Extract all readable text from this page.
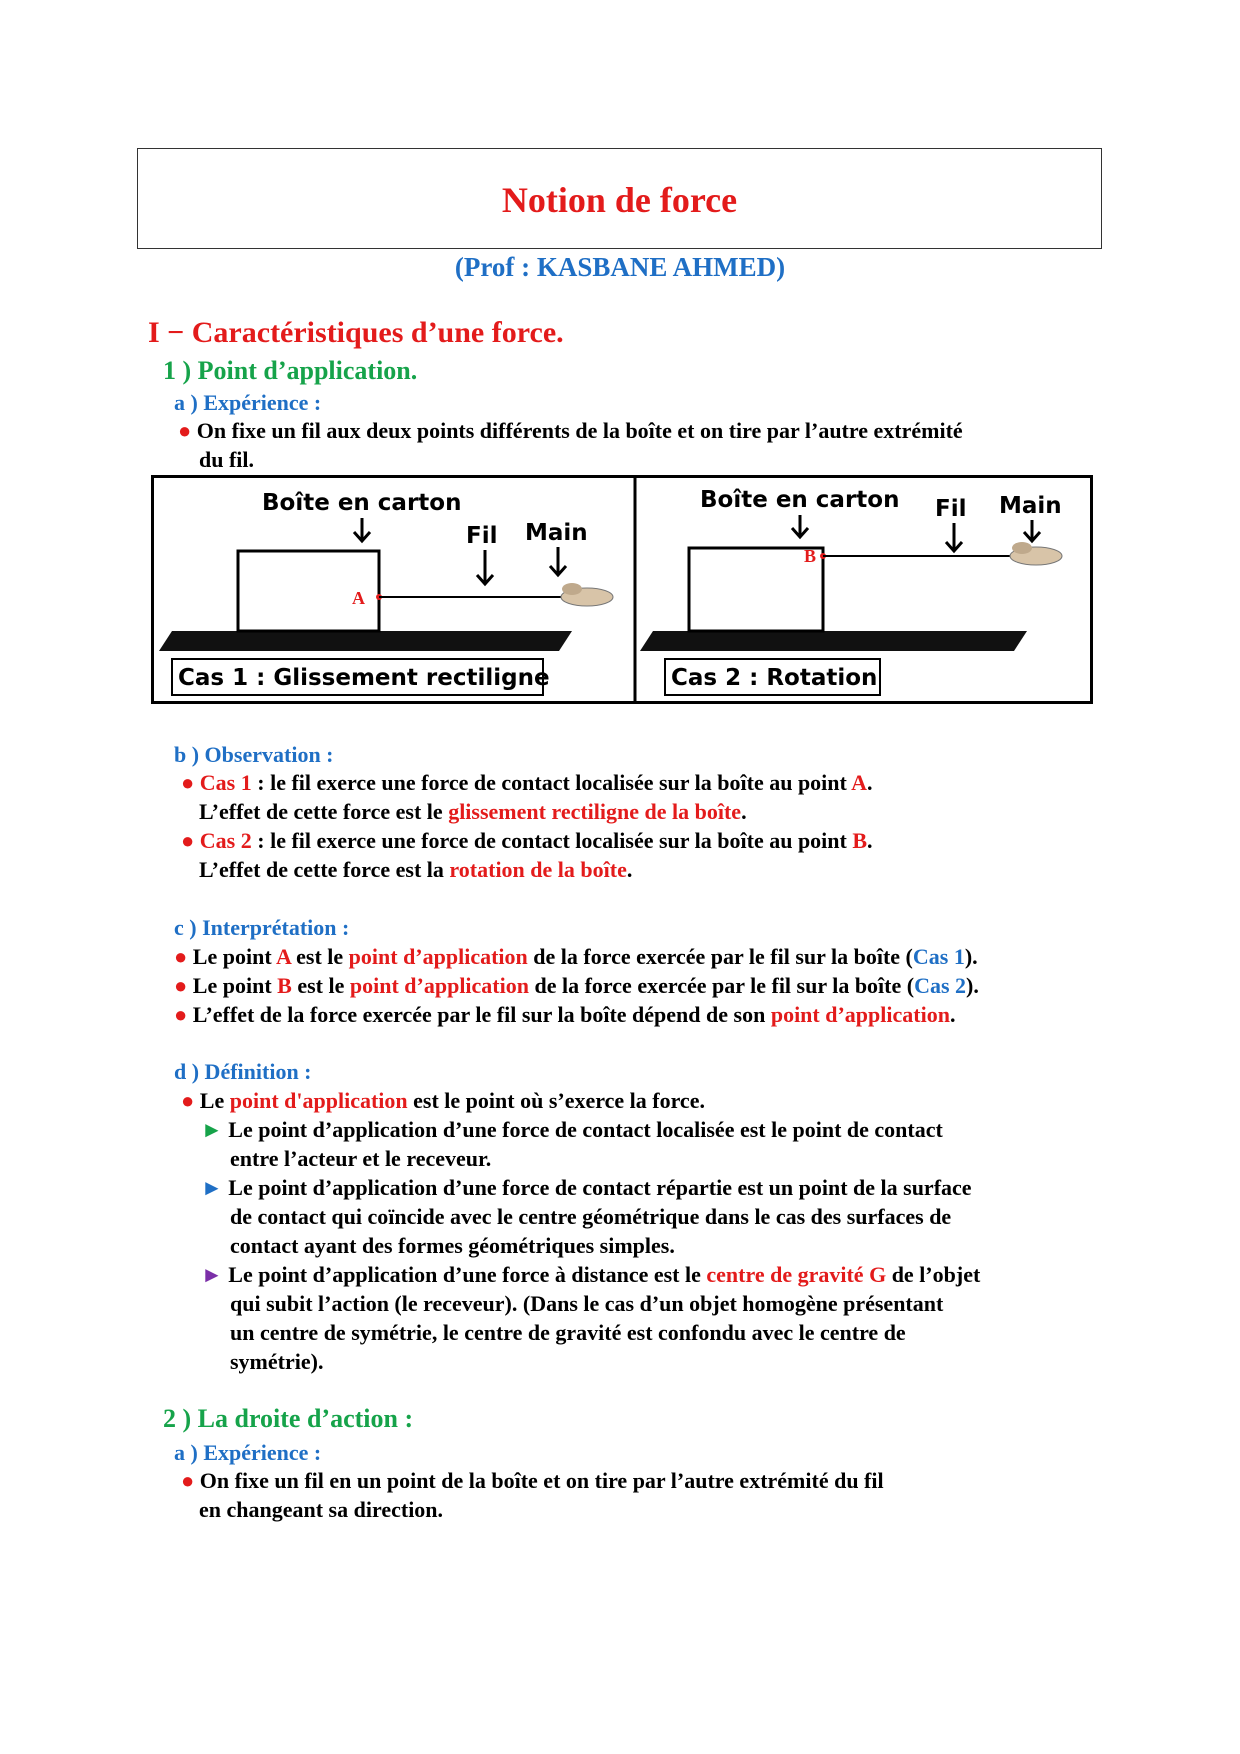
Notion de force
(Prof : KASBANE AHMED)
I − Caractéristiques d’une force.
1 ) Point d’application.
a ) Expérience :
● On fixe un fil aux deux points différents de la boîte et on tire par l’autre extrémité
du fil.
Boîte en carton
Fil Main
A
Cas 1 : Glissement rectiligne
Boîte en carton Fil Main
B
Cas 2 : Rotation
b ) Observation :
● Cas 1 : le fil exerce une force de contact localisée sur la boîte au point A.
L’effet de cette force est le glissement rectiligne de la boîte.
● Cas 2 : le fil exerce une force de contact localisée sur la boîte au point B.
L’effet de cette force est la rotation de la boîte.
c ) Interprétation :
● Le point A est le point d’application de la force exercée par le fil sur la boîte (Cas 1).
● Le point B est le point d’application de la force exercée par le fil sur la boîte (Cas 2).
● L’effet de la force exercée par le fil sur la boîte dépend de son point d’application.
d ) Définition :
● Le point d'application est le point où s’exerce la force.
► Le point d’application d’une force de contact localisée est le point de contact
entre l’acteur et le receveur.
► Le point d’application d’une force de contact répartie est un point de la surface
de contact qui coïncide avec le centre géométrique dans le cas des surfaces de
contact ayant des formes géométriques simples.
► Le point d’application d’une force à distance est le centre de gravité G de l’objet
qui subit l’action (le receveur). (Dans le cas d’un objet homogène présentant
un centre de symétrie, le centre de gravité est confondu avec le centre de
symétrie).
2 ) La droite d’action :
a ) Expérience :
● On fixe un fil en un point de la boîte et on tire par l’autre extrémité du fil
en changeant sa direction.
